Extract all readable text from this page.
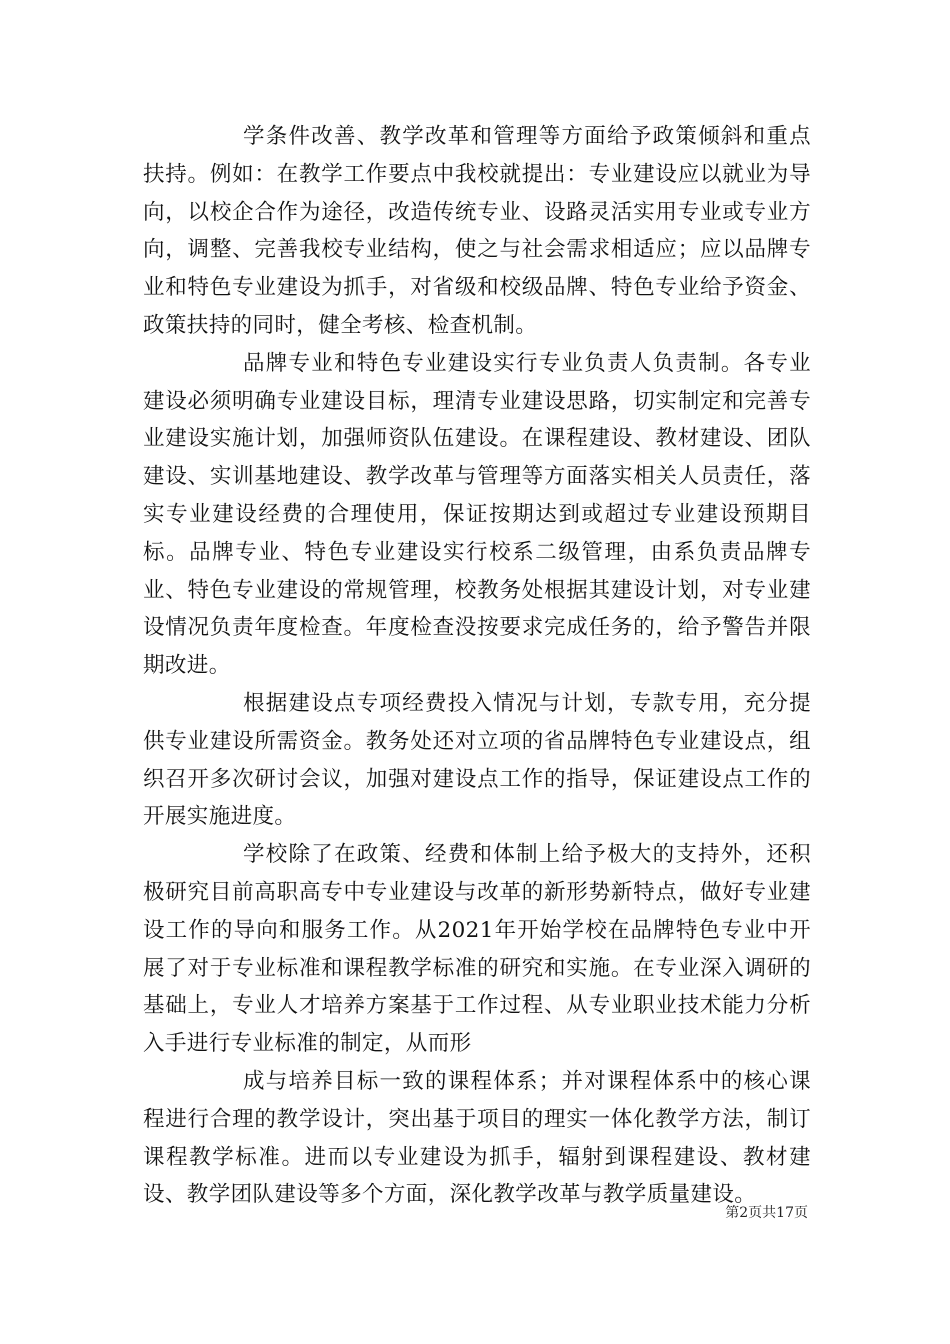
学条件改善、教学改革和管理等方面给予政策倾斜和重点扶持。例如：在教学工作要点中我校就提出：专业建设应以就业为导向，以校企合作为途径，改造传统专业、设路灵活实用专业或专业方向，调整、完善我校专业结构，使之与社会需求相适应；应以品牌专业和特色专业建设为抓手，对省级和校级品牌、特色专业给予资金、政策扶持的同时，健全考核、检查机制。

品牌专业和特色专业建设实行专业负责人负责制。各专业建设必须明确专业建设目标，理清专业建设思路，切实制定和完善专业建设实施计划，加强师资队伍建设。在课程建设、教材建设、团队建设、实训基地建设、教学改革与管理等方面落实相关人员责任，落实专业建设经费的合理使用，保证按期达到或超过专业建设预期目标。品牌专业、特色专业建设实行校系二级管理，由系负责品牌专业、特色专业建设的常规管理，校教务处根据其建设计划，对专业建设情况负责年度检查。年度检查没按要求完成任务的，给予警告并限期改进。

根据建设点专项经费投入情况与计划，专款专用，充分提供专业建设所需资金。教务处还对立项的省品牌特色专业建设点，组织召开多次研讨会议，加强对建设点工作的指导，保证建设点工作的开展实施进度。

学校除了在政策、经费和体制上给予极大的支持外，还积极研究目前高职高专中专业建设与改革的新形势新特点，做好专业建设工作的导向和服务工作。从2021年开始学校在品牌特色专业中开展了对于专业标准和课程教学标准的研究和实施。在专业深入调研的基础上，专业人才培养方案基于工作过程、从专业职业技术能力分析入手进行专业标准的制定，从而形

成与培养目标一致的课程体系；并对课程体系中的核心课程进行合理的教学设计，突出基于项目的理实一体化教学方法，制订课程教学标准。进而以专业建设为抓手，辐射到课程建设、教材建设、教学团队建设等多个方面，深化教学改革与教学质量建设。

第2页共17页
